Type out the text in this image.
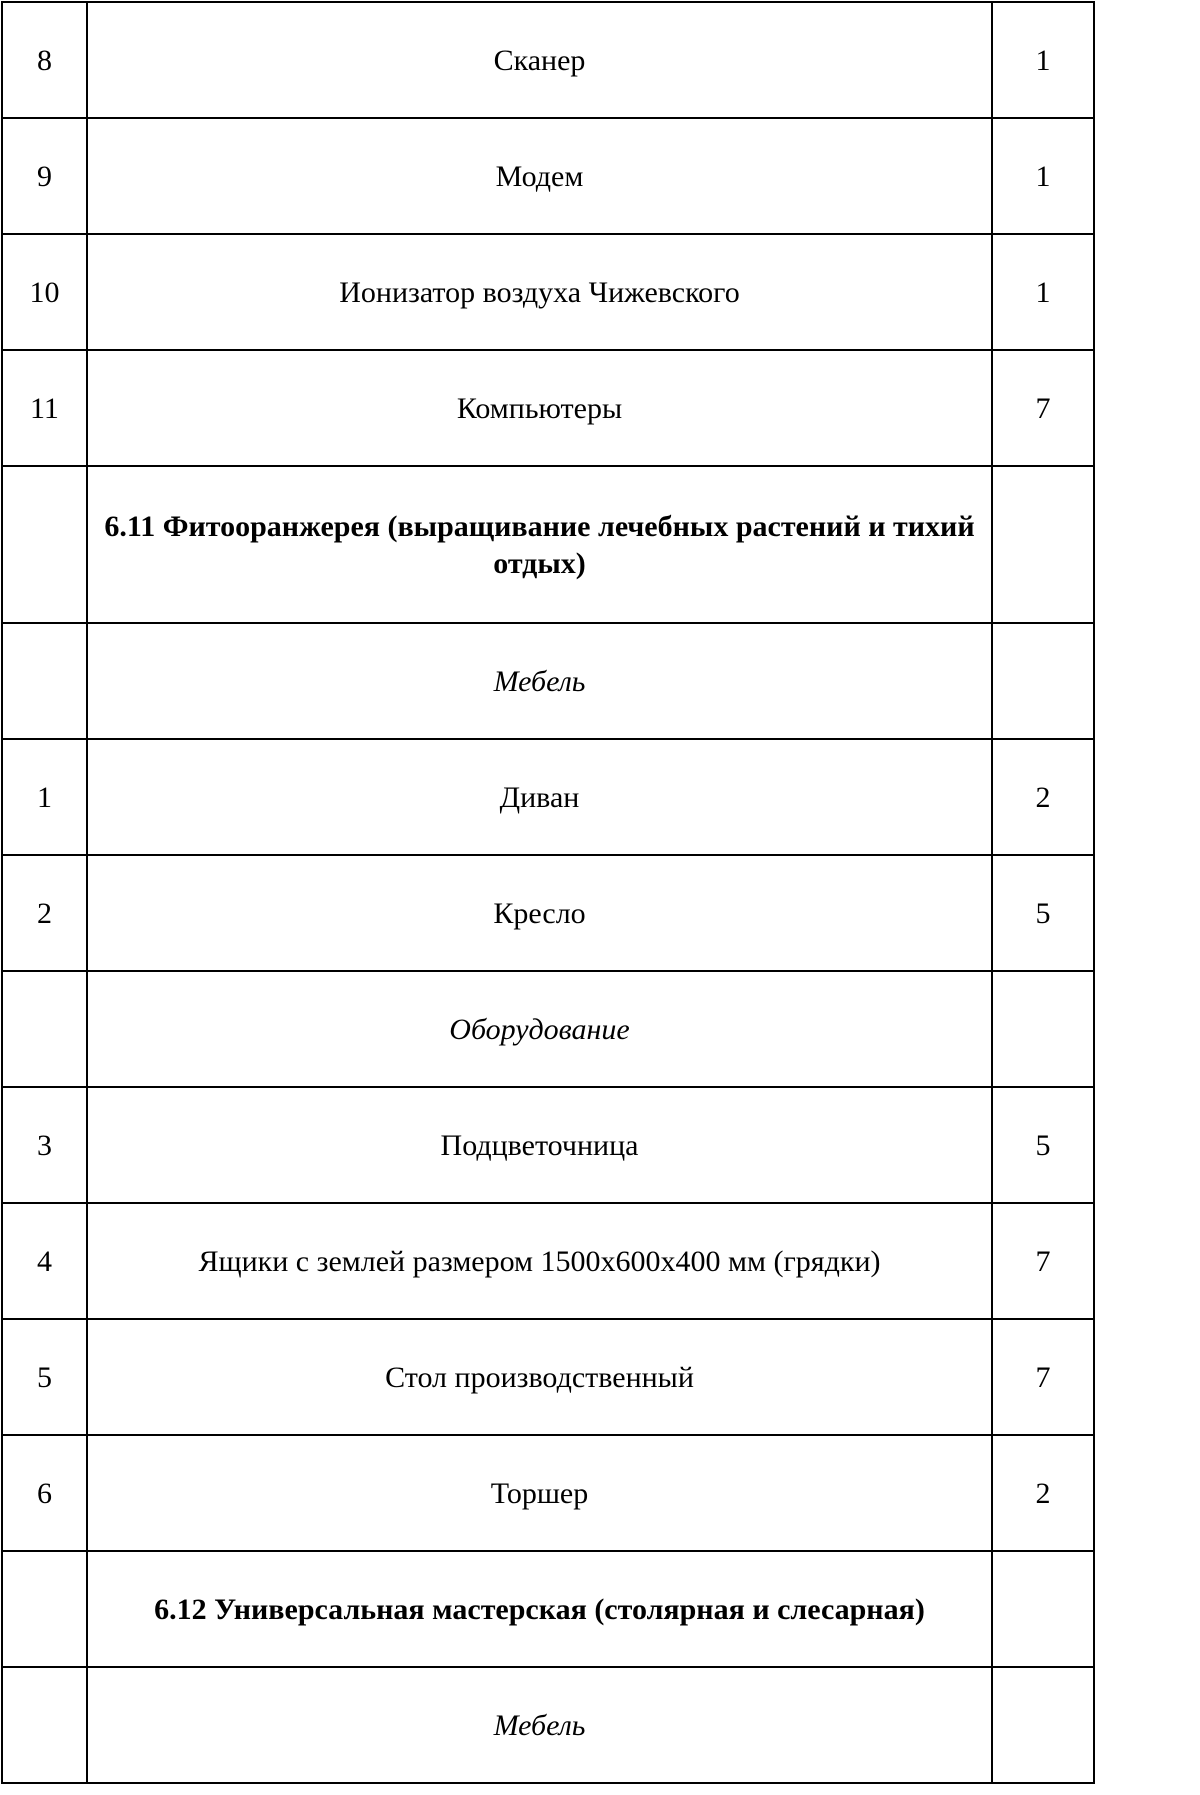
8	Сканер	1
9	Модем	1
10	Ионизатор воздуха Чижевского	1
11	Компьютеры	7
	6.11 Фитооранжерея (выращивание лечебных растений и тихий отдых)	
	Мебель	
1	Диван	2
2	Кресло	5
	Оборудование	
3	Подцветочница	5
4	Ящики с землей размером 1500х600х400 мм (грядки)	7
5	Стол производственный	7
6	Торшер	2
	6.12 Универсальная мастерская (столярная и слесарная)	
	Мебель	
